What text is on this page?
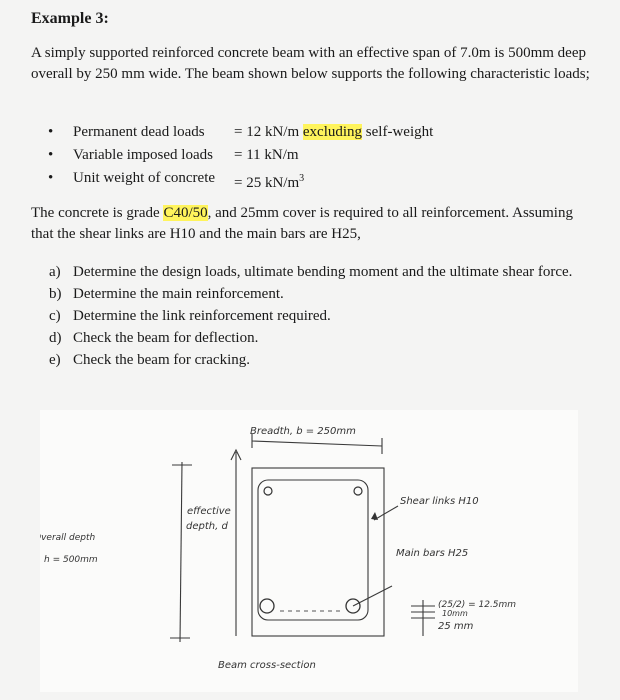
Example 3:
A simply supported reinforced concrete beam with an effective span of 7.0m is 500mm deep overall by 250 mm wide. The beam shown below supports the following characteristic loads;
• Permanent dead loads = 12 kN/m excluding self-weight
• Variable imposed loads = 11 kN/m
• Unit weight of concrete = 25 $kN/m^3$
The concrete is grade C40/50, and 25mm cover is required to all reinforcement. Assuming that the shear links are H10 and the main bars are H25,
a) Determine the design loads, ultimate bending moment and the ultimate shear force.
b) Determine the main reinforcement.
c) Determine the link reinforcement required.
d) Check the beam for deflection.
e) Check the beam for cracking.
Breadth, b = 250mm
effective
depth, d
Overall depth
h = 500mm
Shear links H10
Main bars H25
(25/2) = 12.5mm
10mm
25 mm
Beam cross-section
